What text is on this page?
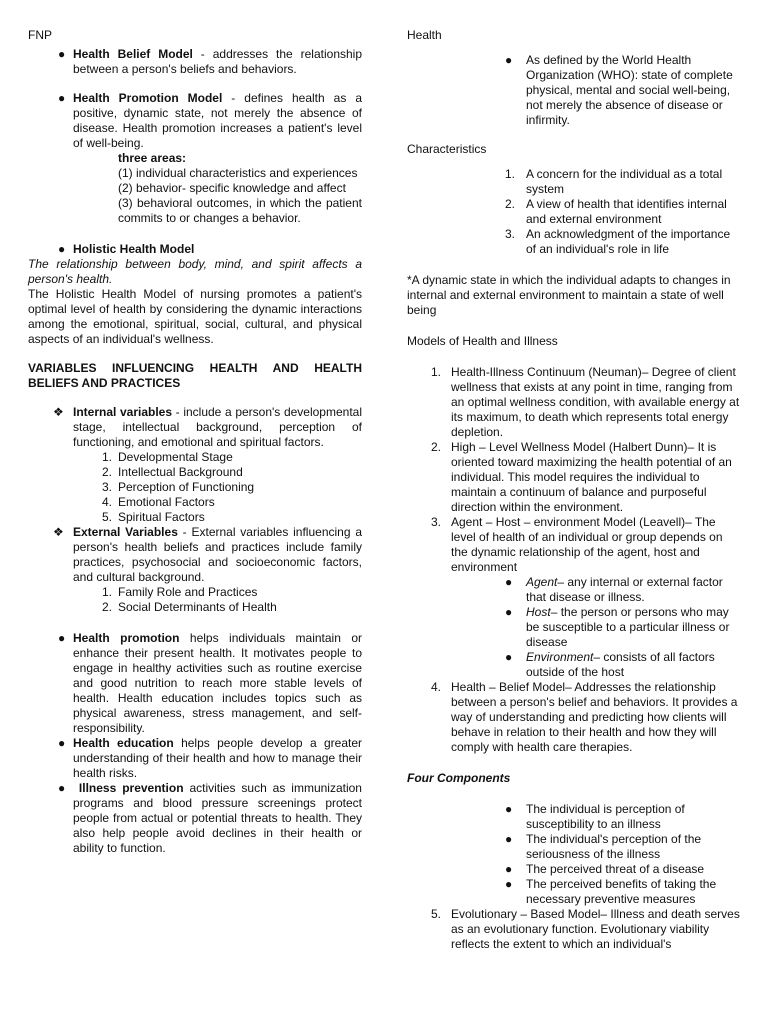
FNP

● Health Belief Model - addresses the relationship between a person's beliefs and behaviors.
● Health Promotion Model - defines health as a positive, dynamic state, not merely the absence of disease. Health promotion increases a patient's level of well-being.

three areas:

(1) individual characteristics and experiences

(2) behavior- specific knowledge and affect

(3) behavioral outcomes, in which the patient commits to or changes a behavior.

● Holistic Health Model

The relationship between body, mind, and spirit affects a person's health.

The Holistic Health Model of nursing promotes a patient's optimal level of health by considering the dynamic interactions among the emotional, spiritual, social, cultural, and physical aspects of an individual's wellness.

VARIABLES INFLUENCING HEALTH AND HEALTH BELIEFS AND PRACTICES

❖ Internal variables - include a person's developmental stage, intellectual background, perception of functioning, and emotional and spiritual factors.
1. Developmental Stage
2. Intellectual Background
3. Perception of Functioning
4. Emotional Factors
5. Spiritual Factors
❖ External Variables - External variables influencing a person's health beliefs and practices include family practices, psychosocial and socioeconomic factors, and cultural background.
1. Family Role and Practices
2. Social Determinants of Health
● Health promotion helps individuals maintain or enhance their present health. It motivates people to engage in healthy activities such as routine exercise and good nutrition to reach more stable levels of health. Health education includes topics such as physical awareness, stress management, and self-responsibility.
● Health education helps people develop a greater understanding of their health and how to manage their health risks.
● Illness prevention activities such as immunization programs and blood pressure screenings protect people from actual or potential threats to health. They also help people avoid declines in their health or ability to function.

Health

● As defined by the World Health Organization (WHO): state of complete physical, mental and social well-being, not merely the absence of disease or infirmity.

Characteristics

1. A concern for the individual as a total system
2. A view of health that identifies internal and external environment
3. An acknowledgment of the importance of an individual's role in life

*A dynamic state in which the individual adapts to changes in internal and external environment to maintain a state of well being

Models of Health and Illness

1. Health-Illness Continuum (Neuman)– Degree of client wellness that exists at any point in time, ranging from an optimal wellness condition, with available energy at its maximum, to death which represents total energy depletion.
2. High – Level Wellness Model (Halbert Dunn)– It is oriented toward maximizing the health potential of an individual. This model requires the individual to maintain a continuum of balance and purposeful direction within the environment.
3. Agent – Host – environment Model (Leavell)– The level of health of an individual or group depends on the dynamic relationship of the agent, host and environment
● Agent– any internal or external factor that disease or illness.
● Host– the person or persons who may be susceptible to a particular illness or disease
● Environment– consists of all factors outside of the host
4. Health – Belief Model– Addresses the relationship between a person's belief and behaviors. It provides a way of understanding and predicting how clients will behave in relation to their health and how they will comply with health care therapies.

Four Components

● The individual is perception of susceptibility to an illness
● The individual's perception of the seriousness of the illness
● The perceived threat of a disease
● The perceived benefits of taking the necessary preventive measures
5. Evolutionary – Based Model– Illness and death serves as an evolutionary function. Evolutionary viability reflects the extent to which an individual's
